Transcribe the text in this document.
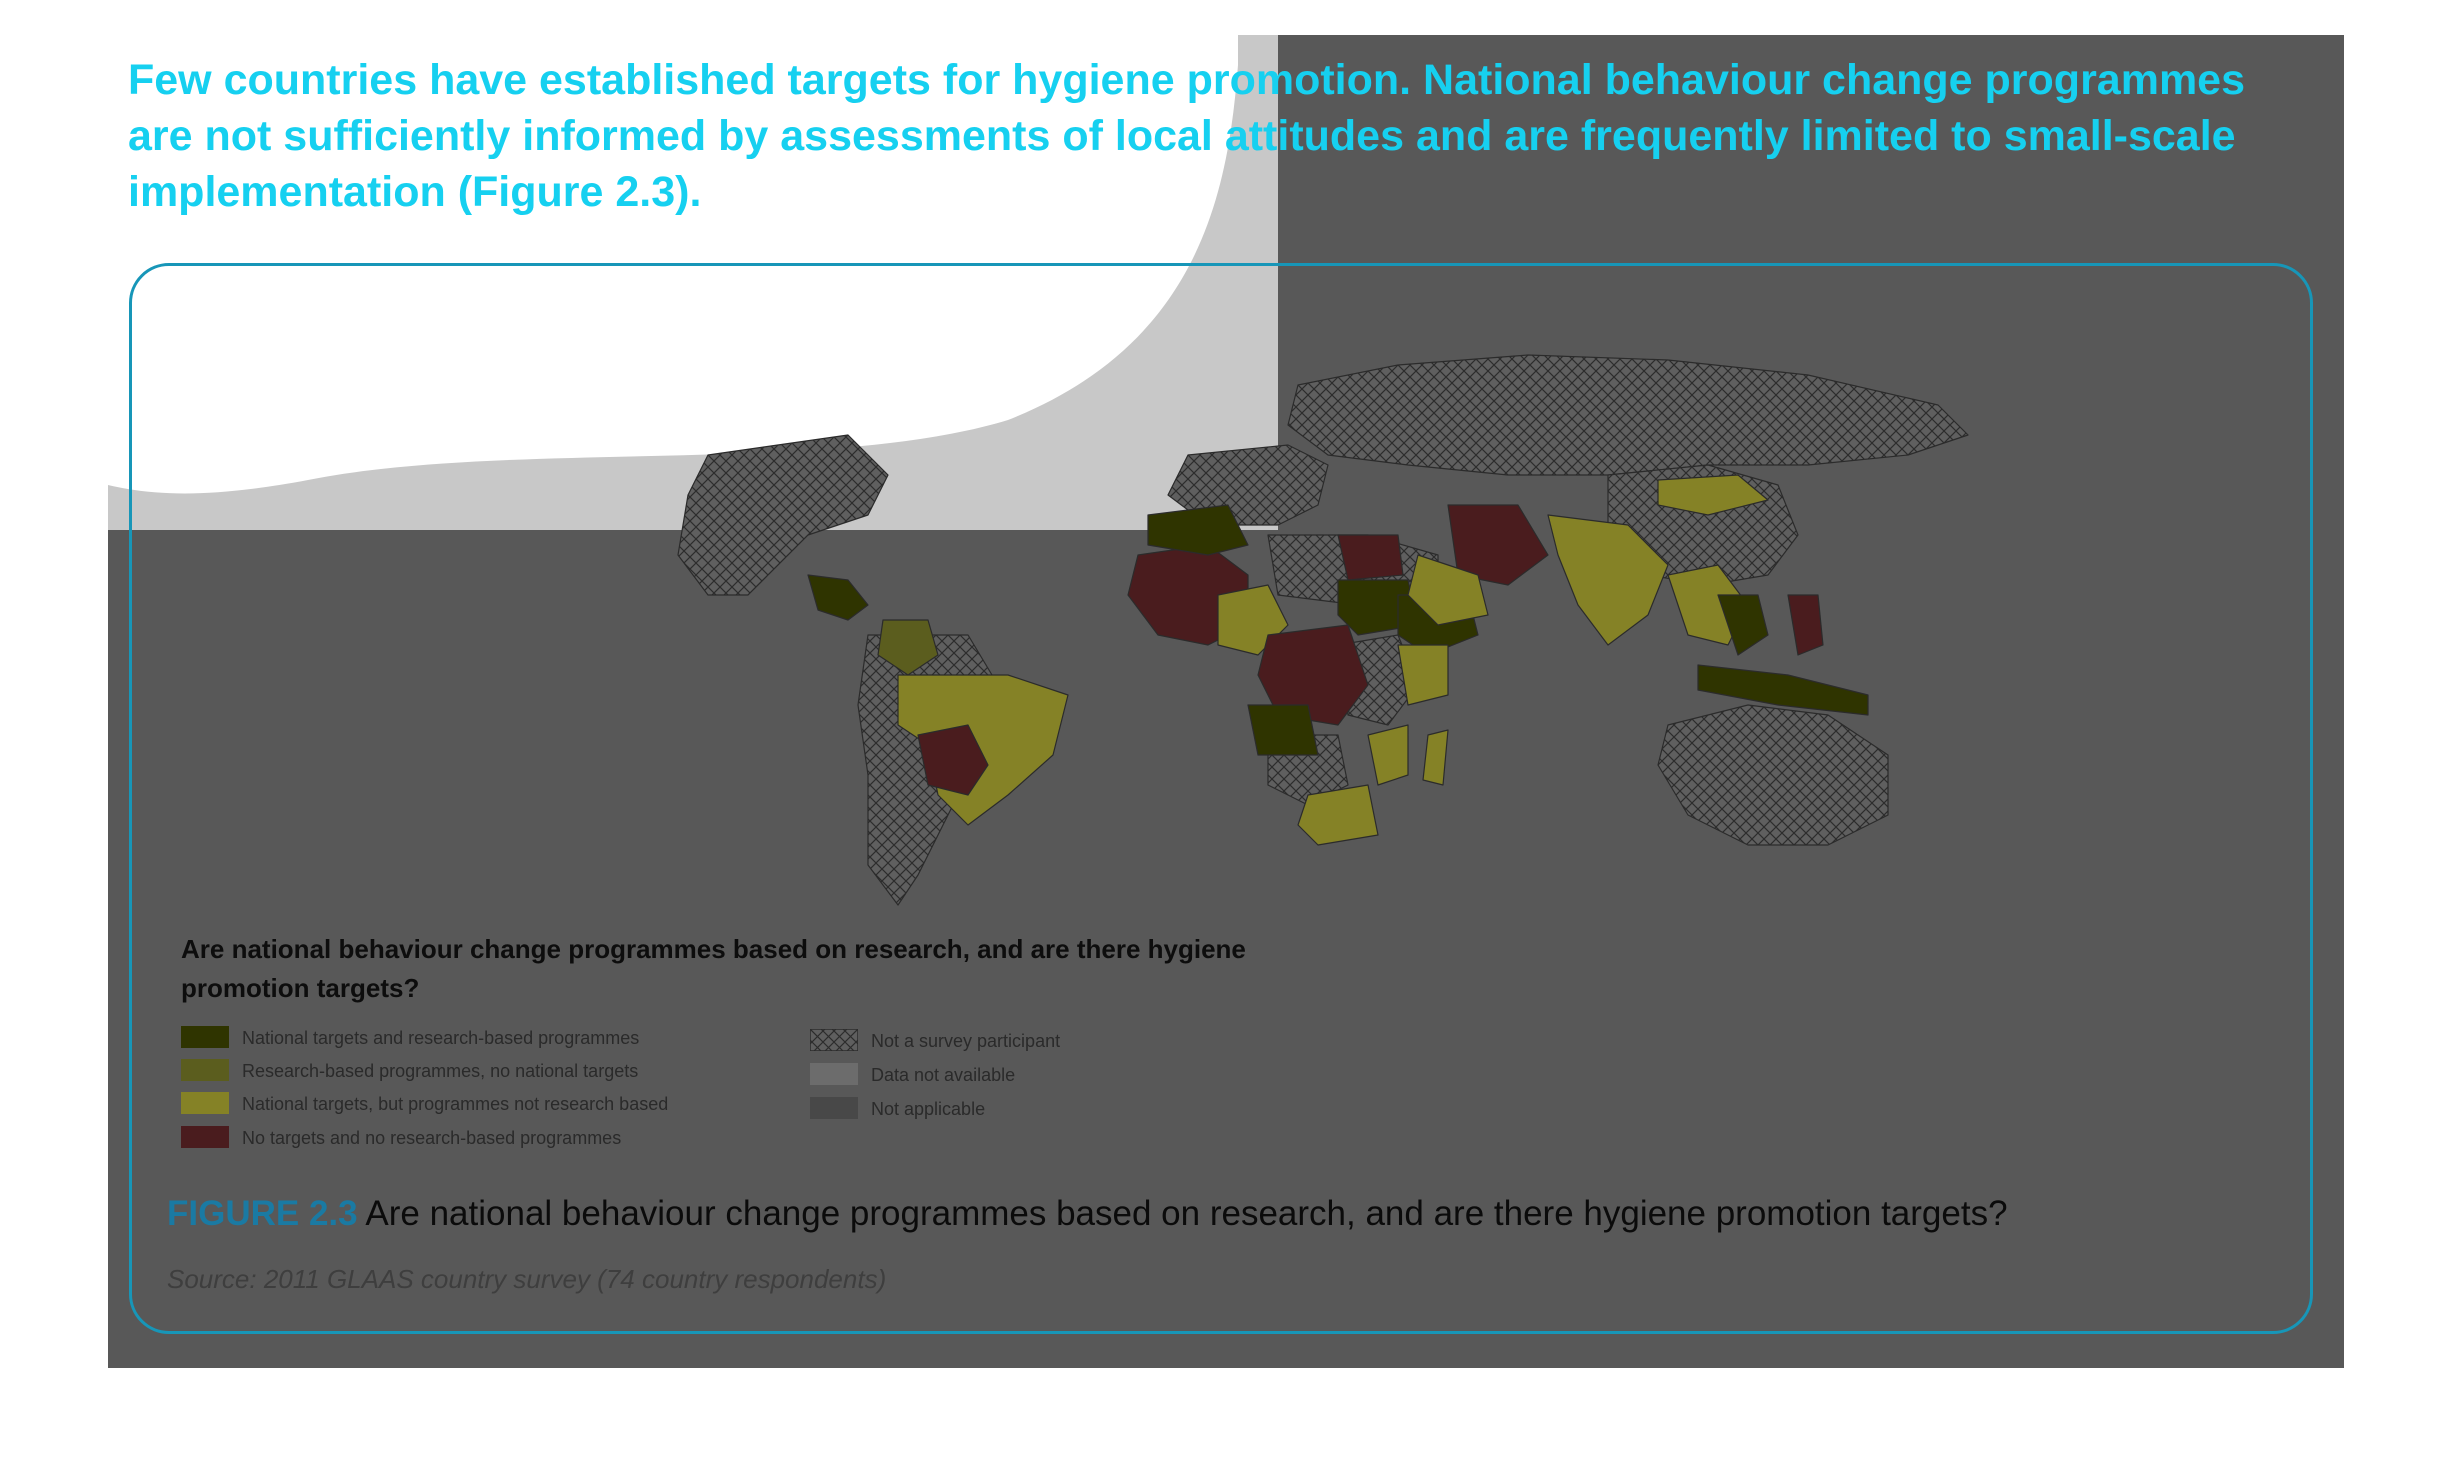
Few countries have established targets for hygiene promotion. National behaviour change programmes are not sufficiently informed by assessments of local attitudes and are frequently limited to small-scale implementation (Figure 2.3).

Are national behaviour change programmes based on research, and are there hygiene promotion targets?

National targets and research-based programmes
Research-based programmes, no national targets
National targets, but programmes not research based
No targets and no research-based programmes
Not a survey participant
Data not available
Not applicable

FIGURE 2.3 Are national behaviour change programmes based on research, and are there hygiene promotion targets?

Source: 2011 GLAAS country survey (74 country respondents)
